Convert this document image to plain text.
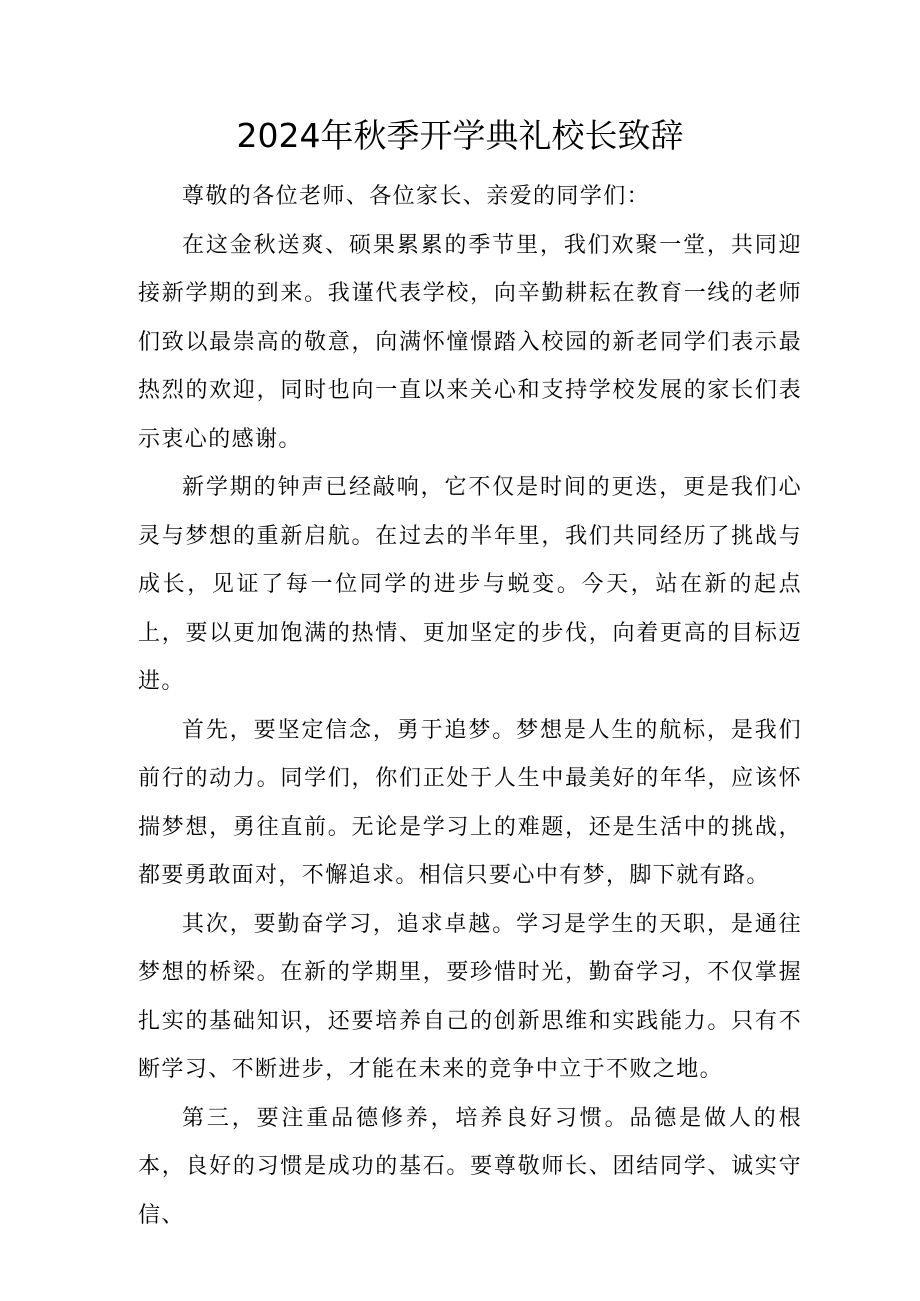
2024年秋季开学典礼校长致辞

尊敬的各位老师、各位家长、亲爱的同学们：

在这金秋送爽、硕果累累的季节里，我们欢聚一堂，共同迎接新学期的到来。我谨代表学校，向辛勤耕耘在教育一线的老师们致以最崇高的敬意，向满怀憧憬踏入校园的新老同学们表示最热烈的欢迎，同时也向一直以来关心和支持学校发展的家长们表示衷心的感谢。

新学期的钟声已经敲响，它不仅是时间的更迭，更是我们心灵与梦想的重新启航。在过去的半年里，我们共同经历了挑战与成长，见证了每一位同学的进步与蜕变。今天，站在新的起点上，要以更加饱满的热情、更加坚定的步伐，向着更高的目标迈进。

首先，要坚定信念，勇于追梦。梦想是人生的航标，是我们前行的动力。同学们，你们正处于人生中最美好的年华，应该怀揣梦想，勇往直前。无论是学习上的难题，还是生活中的挑战，都要勇敢面对，不懈追求。相信只要心中有梦，脚下就有路。

其次，要勤奋学习，追求卓越。学习是学生的天职，是通往梦想的桥梁。在新的学期里，要珍惜时光，勤奋学习，不仅掌握扎实的基础知识，还要培养自己的创新思维和实践能力。只有不断学习、不断进步，才能在未来的竞争中立于不败之地。

第三，要注重品德修养，培养良好习惯。品德是做人的根本，良好的习惯是成功的基石。要尊敬师长、团结同学、诚实守信、
